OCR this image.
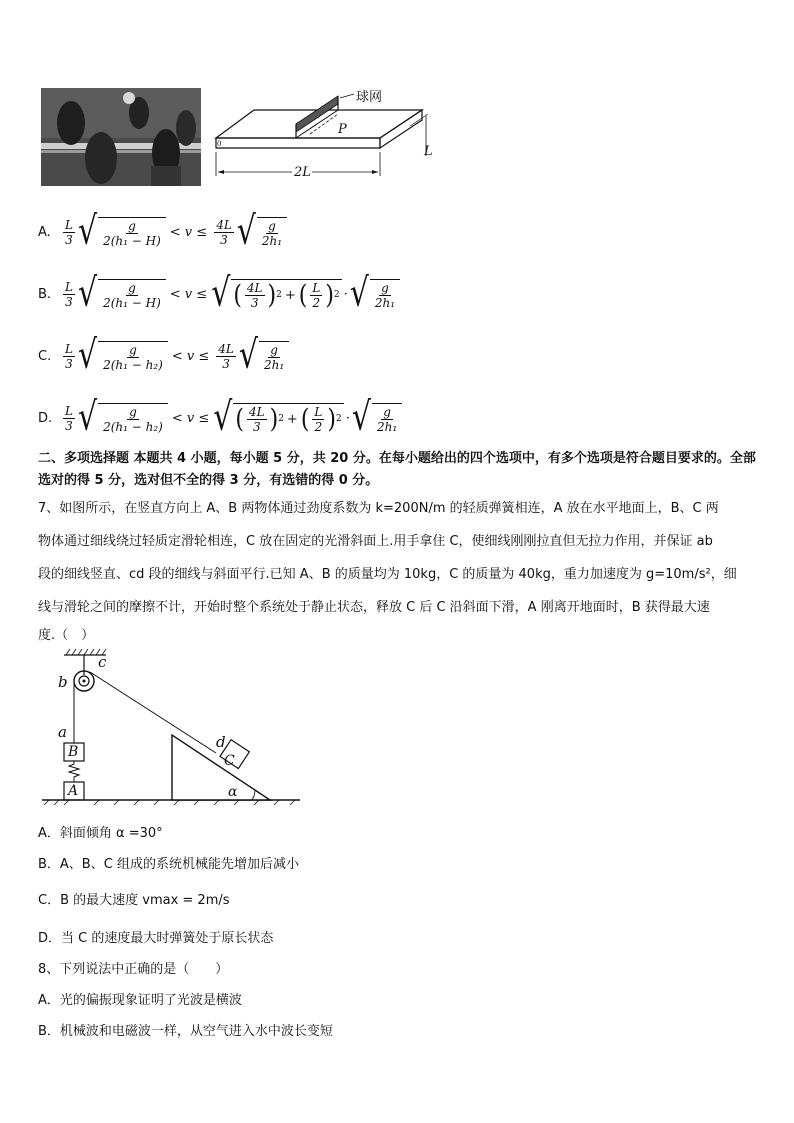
0
球网
P
2L
L
A.	$\frac{L}{3}$ √ $\frac{g}{\text{2(h₁ − H)}} < v \le \frac{4L}{3}$ √ $\frac{g}{\text{2h₁}}$
B. $\frac{L}{3}$ √ $\frac{g}{\text{2(h₁ − H)}} < v$ ≤ √ ( $\frac{4L}{3}$ ) 2 + ( $\frac{L}{2}$ ) 2 · √ $\frac{g}{\text{2h₁}}$
C. $\frac{L}{3}$ √ $\frac{g}{\text{2(h₁ − h₂)}} < v \le \frac{4L}{3}$ √ $\frac{g}{\text{2h₁}}$
D. $\frac{L}{3}$ √ $\frac{g}{\text{2(h₁ − h₂)}} < v$ ≤ √ ( $\frac{4L}{3}$ ) 2 + ( $\frac{L}{2}$ ) 2 · √ $\frac{g}{\text{2h₁}}$
二、多项选择题 本题共 4 小题，每小题 5 分，共 20 分。在每小题给出的四个选项中，有多个选项是符合题目要求的。全部选对的得 5 分，选对但不全的得 3 分，有选错的得 0 分。
7、如图所示，在竖直方向上 A、B 两物体通过劲度系数为 k=200N/m 的轻质弹簧相连，A 放在水平地面上，B、C 两
物体通过细线绕过轻质定滑轮相连，C 放在固定的光滑斜面上.用手拿住 C，使细线刚刚拉直但无拉力作用，并保证 ab
段的细线竖直、cd 段的细线与斜面平行.已知 A、B 的质量均为 10kg，C 的质量为 40kg，重力加速度为 g=10m/s²，细
线与滑轮之间的摩擦不计，开始时整个系统处于静止状态，释放 C 后 C 沿斜面下滑，A 刚离开地面时，B 获得最大速
度.（　）
b
c
a
d
B
A
C
α
A．斜面倾角 α =30°
B．A、B、C 组成的系统机械能先增加后减小
C．B 的最大速度 vmax = 2m/s
D．当 C 的速度最大时弹簧处于原长状态
8、下列说法中正确的是（　　）
A．光的偏振现象证明了光波是横波
B．机械波和电磁波一样，从空气进入水中波长变短
